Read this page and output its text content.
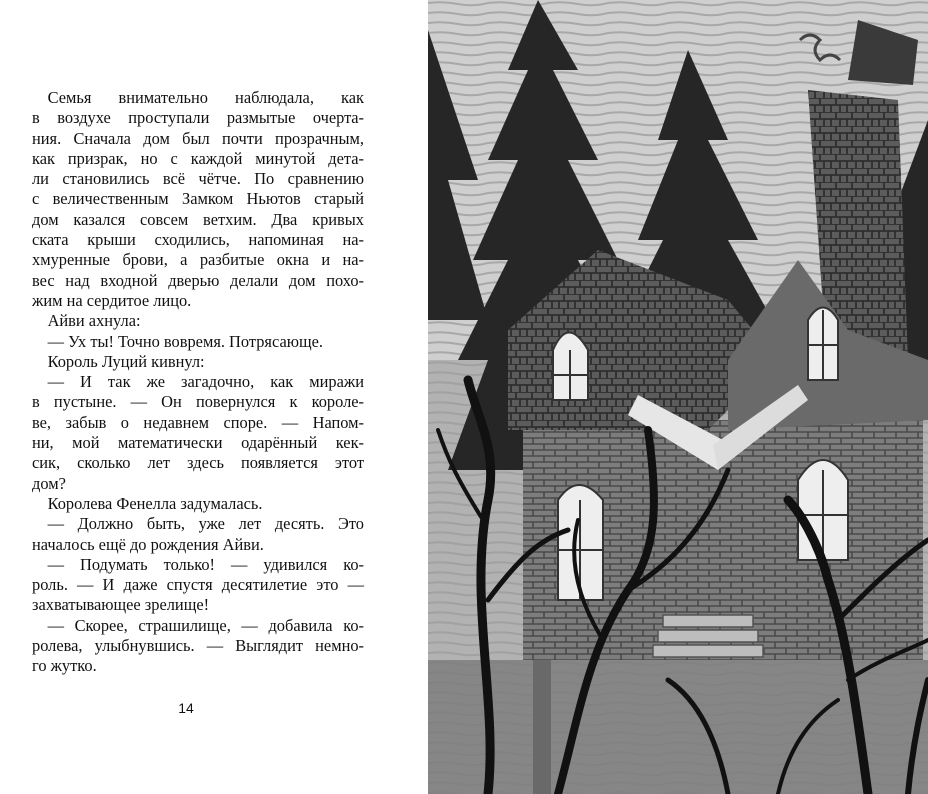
Семья внимательно наблюдала, как
в воздухе проступали размытые очертa-
ния. Сначала дом был почти прозрачным,
как призрак, но с каждой минутой дета-
ли становились всё чётче. По сравнению
с величественным Замком Ньютов старый
дом казался совсем ветхим. Два кривых
ската крыши сходились, напоминая на-
хмуренные брови, а разбитые окна и на-
вес над входной дверью делали дом похо-
жим на сердитое лицо.
Айви ахнула:
— Ух ты! Точно вовремя. Потрясающе.
Король Луций кивнул:
— И так же загадочно, как миражи
в пустыне. — Он повернулся к короле-
ве, забыв о недавнем споре. — Напом-
ни, мой математически одарённый кек-
сик, сколько лет здесь появляется этот
дом?
Королева Фенелла задумалась.
— Должно быть, уже лет десять. Это
началось ещё до рождения Айви.
— Подумать только! — удивился ко-
роль. — И даже спустя десятилетие это —
захватывающее зрелище!
— Скорее, страшилище, — добавила ко-
ролева, улыбнувшись. — Выглядит немно-
го жутко.
14
